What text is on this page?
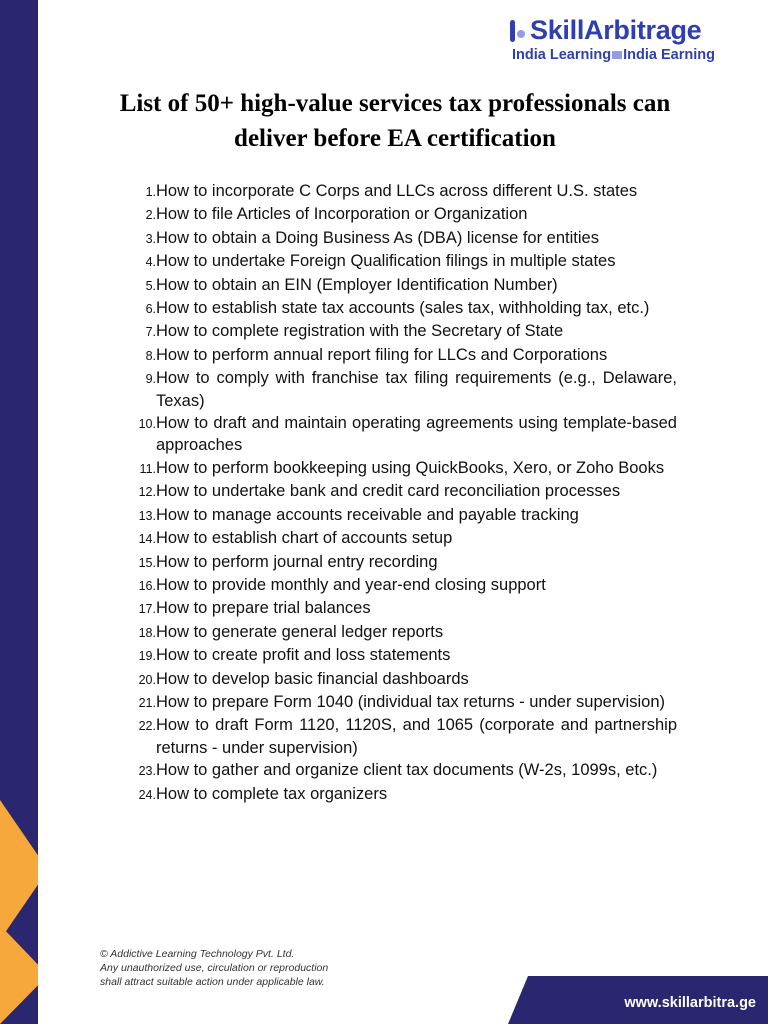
SkillArbitrage
India Learning India Earning
List of 50+ high-value services tax professionals can deliver before EA certification
1. How to incorporate C Corps and LLCs across different U.S. states
2. How to file Articles of Incorporation or Organization
3. How to obtain a Doing Business As (DBA) license for entities
4. How to undertake Foreign Qualification filings in multiple states
5. How to obtain an EIN (Employer Identification Number)
6. How to establish state tax accounts (sales tax, withholding tax, etc.)
7. How to complete registration with the Secretary of State
8. How to perform annual report filing for LLCs and Corporations
9. How to comply with franchise tax filing requirements (e.g., Delaware, Texas)
10. How to draft and maintain operating agreements using template-based approaches
11. How to perform bookkeeping using QuickBooks, Xero, or Zoho Books
12. How to undertake bank and credit card reconciliation processes
13. How to manage accounts receivable and payable tracking
14. How to establish chart of accounts setup
15. How to perform journal entry recording
16. How to provide monthly and year-end closing support
17. How to prepare trial balances
18. How to generate general ledger reports
19. How to create profit and loss statements
20. How to develop basic financial dashboards
21. How to prepare Form 1040 (individual tax returns - under supervision)
22. How to draft Form 1120, 1120S, and 1065 (corporate and partnership returns - under supervision)
23. How to gather and organize client tax documents (W-2s, 1099s, etc.)
24. How to complete tax organizers
© Addictive Learning Technology Pvt. Ltd.
Any unauthorized use, circulation or reproduction
shall attract suitable action under applicable law.
www.skillarbitra.ge
